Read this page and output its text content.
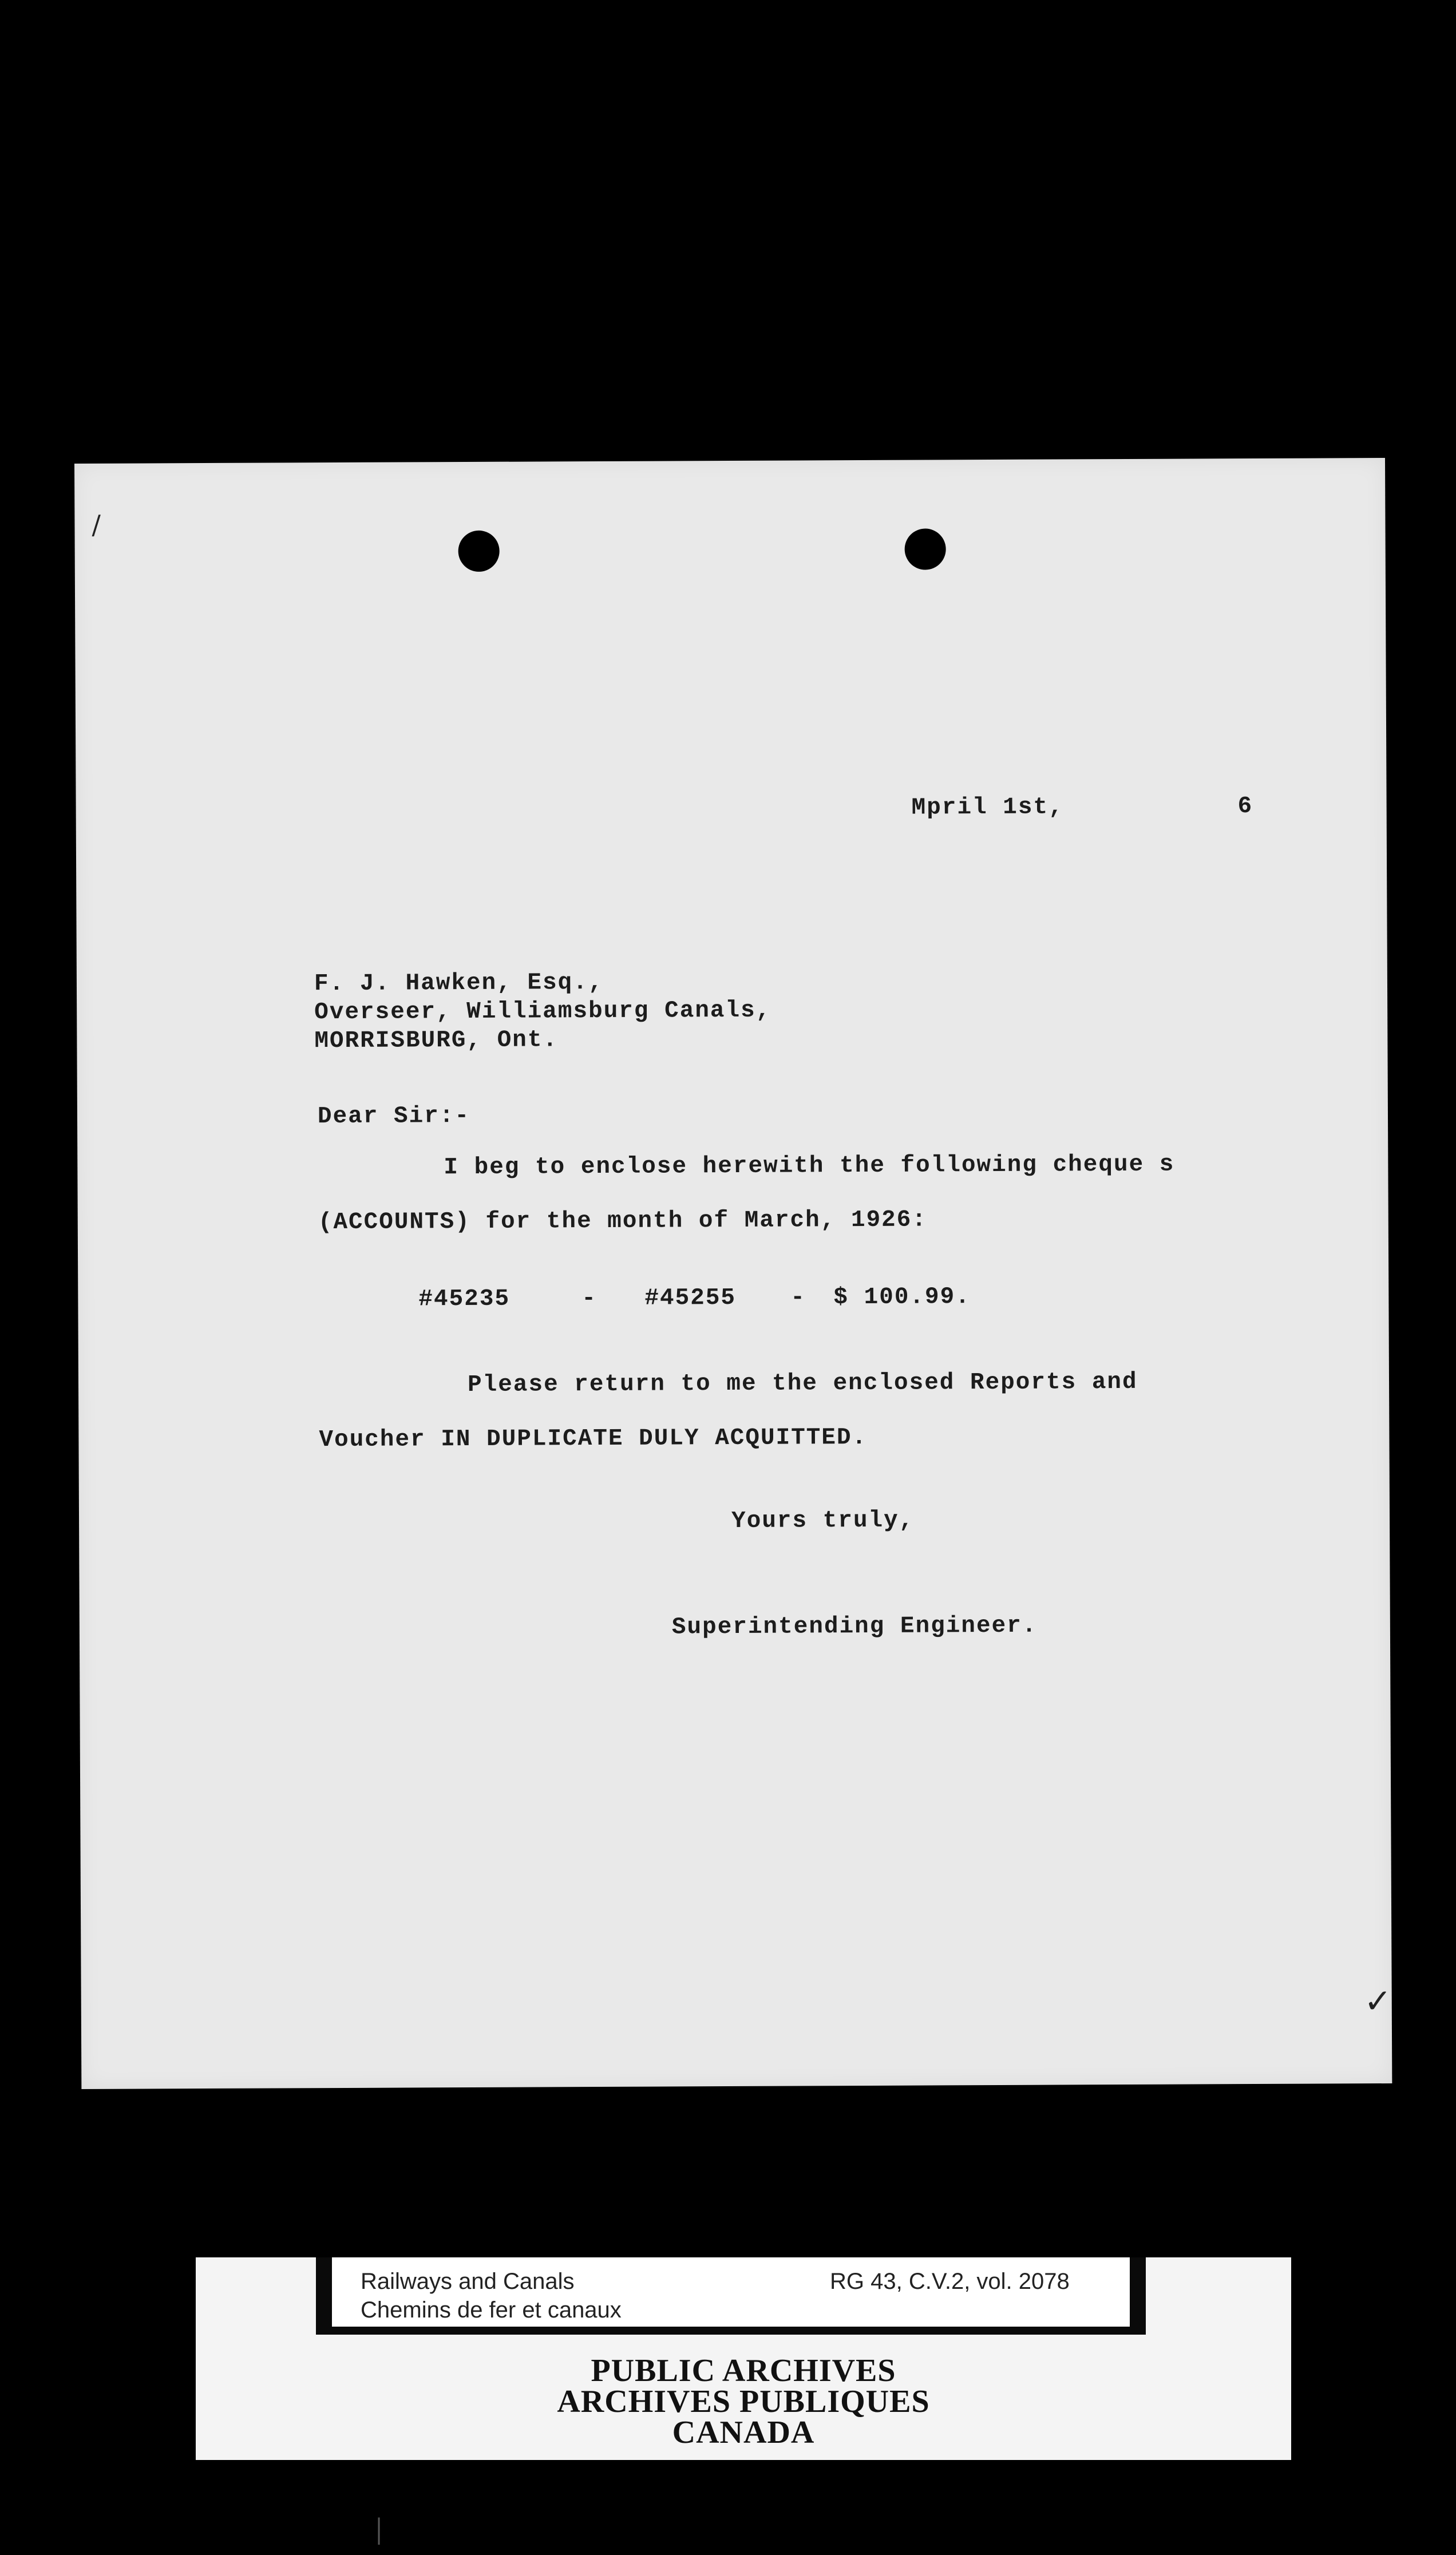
/
Mpril 1st,	6
F. J. Hawken, Esq.,
Overseer, Williamsburg Canals,
MORRISBURG, Ont.
Dear Sir:-
I beg to enclose herewith the following cheque s
(ACCOUNTS) for the month of March, 1926:
#45235	- #45255 - $ 100.99.
Please return to me the enclosed Reports and
Voucher IN DUPLICATE DULY ACQUITTED.
Yours truly,
Superintending Engineer.
✓
Railways and Canals
Chemins de fer et canaux
RG 43, C.V.2, vol. 2078
PUBLIC ARCHIVES
ARCHIVES PUBLIQUES
CANADA
│
